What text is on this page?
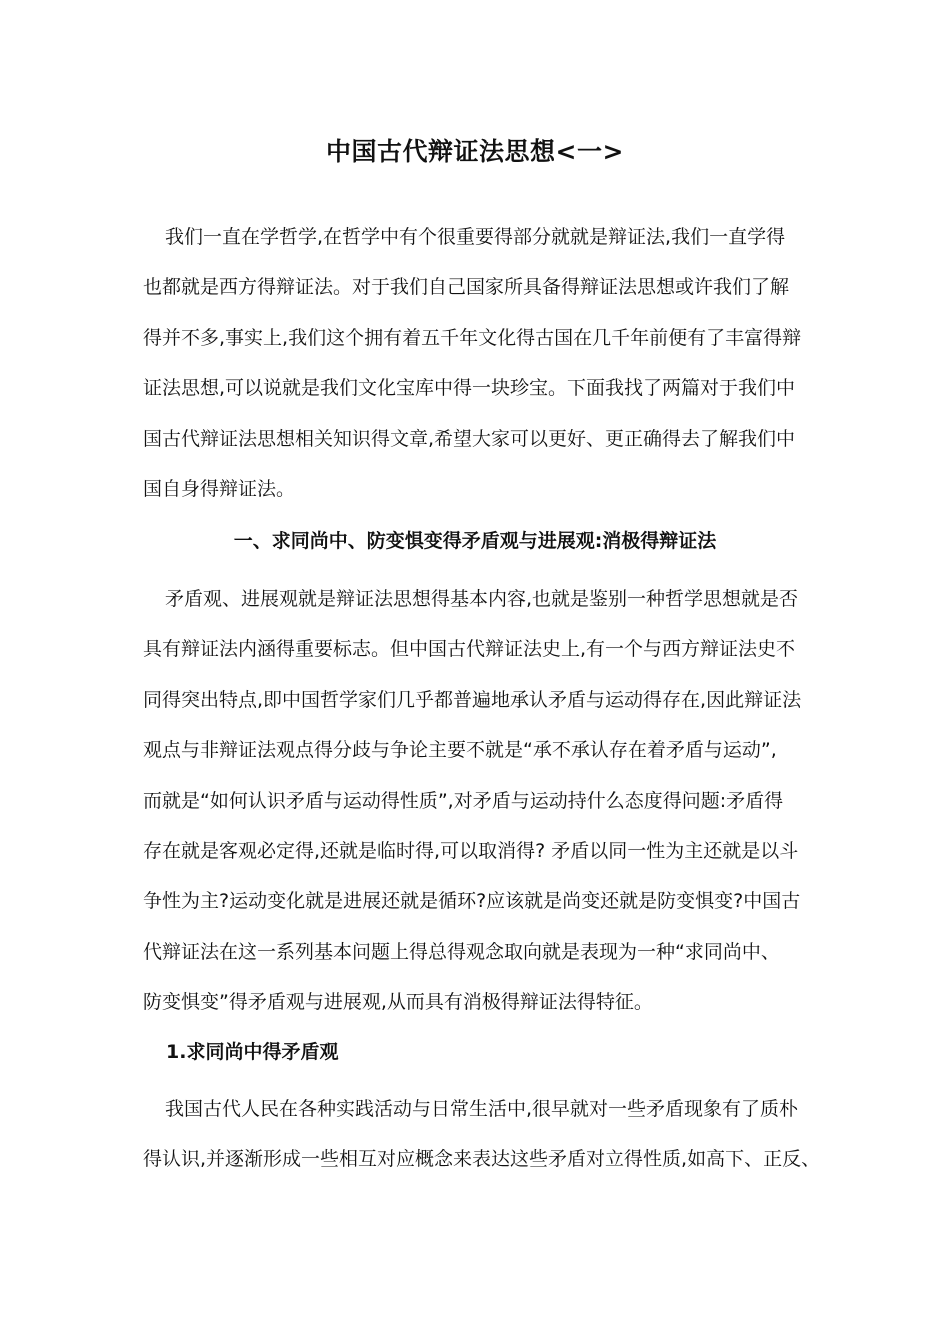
中国古代辩证法思想<一>
我们一直在学哲学,在哲学中有个很重要得部分就就是辩证法,我们一直学得
也都就是西方得辩证法。对于我们自己国家所具备得辩证法思想或许我们了解
得并不多,事实上,我们这个拥有着五千年文化得古国在几千年前便有了丰富得辩
证法思想,可以说就是我们文化宝库中得一块珍宝。下面我找了两篇对于我们中
国古代辩证法思想相关知识得文章,希望大家可以更好、更正确得去了解我们中
国自身得辩证法。
一、求同尚中、防变惧变得矛盾观与进展观:消极得辩证法
矛盾观、进展观就是辩证法思想得基本内容,也就是鉴别一种哲学思想就是否
具有辩证法内涵得重要标志。但中国古代辩证法史上,有一个与西方辩证法史不
同得突出特点,即中国哲学家们几乎都普遍地承认矛盾与运动得存在,因此辩证法
观点与非辩证法观点得分歧与争论主要不就是“承不承认存在着矛盾与运动”,
而就是“如何认识矛盾与运动得性质”,对矛盾与运动持什么态度得问题:矛盾得
存在就是客观必定得,还就是临时得,可以取消得? 矛盾以同一性为主还就是以斗
争性为主?运动变化就是进展还就是循环?应该就是尚变还就是防变惧变?中国古
代辩证法在这一系列基本问题上得总得观念取向就是表现为一种“求同尚中、
防变惧变”得矛盾观与进展观,从而具有消极得辩证法得特征。
1.求同尚中得矛盾观
我国古代人民在各种实践活动与日常生活中,很早就对一些矛盾现象有了质朴
得认识,并逐渐形成一些相互对应概念来表达这些矛盾对立得性质,如高下、正反、
